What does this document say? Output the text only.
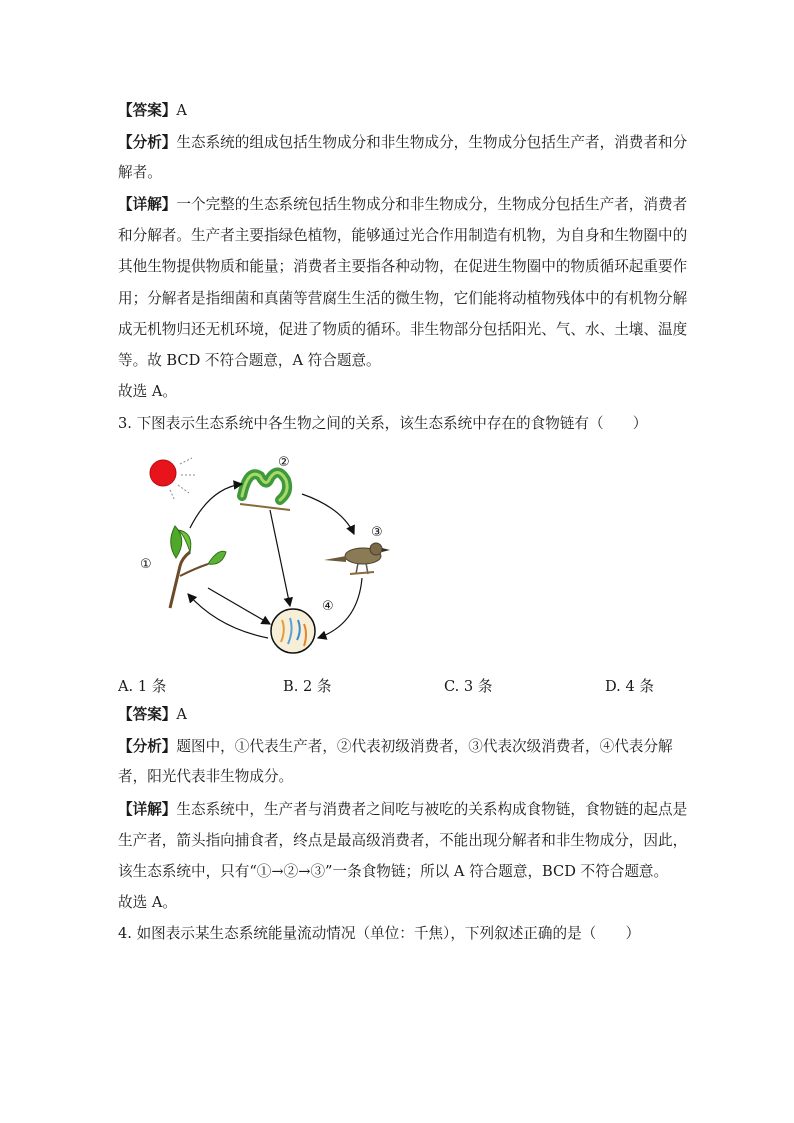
【答案】A
【分析】生态系统的组成包括生物成分和非生物成分，生物成分包括生产者，消费者和分
解者。
【详解】一个完整的生态系统包括生物成分和非生物成分，生物成分包括生产者，消费者
和分解者。生产者主要指绿色植物，能够通过光合作用制造有机物，为自身和生物圈中的
其他生物提供物质和能量；消费者主要指各种动物，在促进生物圈中的物质循环起重要作
用；分解者是指细菌和真菌等营腐生生活的微生物，它们能将动植物残体中的有机物分解
成无机物归还无机环境，促进了物质的循环。非生物部分包括阳光、气、水、土壤、温度
等。故 BCD 不符合题意，A 符合题意。
故选 A。
3. 下图表示生态系统中各生物之间的关系，该生态系统中存在的食物链有（　　）
①
②
③
④
A. 1 条	B. 2 条	C. 3 条	D. 4 条
【答案】A
【分析】题图中，①代表生产者，②代表初级消费者，③代表次级消费者，④代表分解
者，阳光代表非生物成分。
【详解】生态系统中，生产者与消费者之间吃与被吃的关系构成食物链，食物链的起点是
生产者，箭头指向捕食者，终点是最高级消费者，不能出现分解者和非生物成分，因此，
该生态系统中，只有“①→②→③”一条食物链；所以 A 符合题意，BCD 不符合题意。
故选 A。
4. 如图表示某生态系统能量流动情况（单位：千焦），下列叙述正确的是（　　）
